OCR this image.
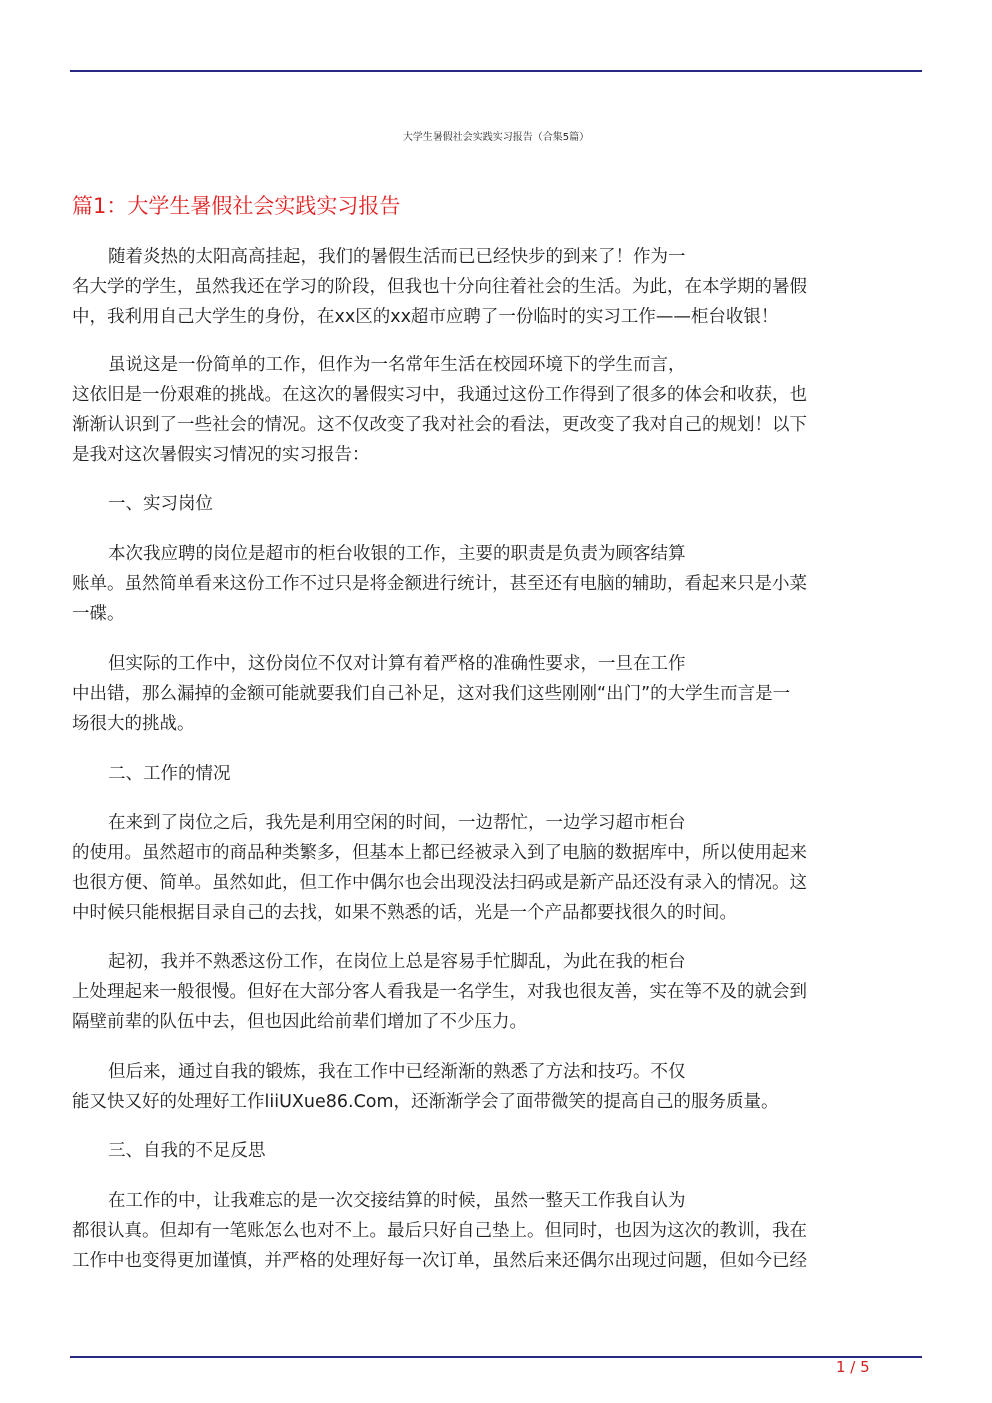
大学生暑假社会实践实习报告（合集5篇）
篇1：大学生暑假社会实践实习报告
随着炎热的太阳高高挂起，我们的暑假生活而已已经快步的到来了！作为一
名大学的学生，虽然我还在学习的阶段，但我也十分向往着社会的生活。为此，在本学期的暑假
中，我利用自己大学生的身份，在xx区的xx超市应聘了一份临时的实习工作——柜台收银！
虽说这是一份简单的工作，但作为一名常年生活在校园环境下的学生而言，
这依旧是一份艰难的挑战。在这次的暑假实习中，我通过这份工作得到了很多的体会和收获，也
渐渐认识到了一些社会的情况。这不仅改变了我对社会的看法，更改变了我对自己的规划！以下
是我对这次暑假实习情况的实习报告：
一、实习岗位
本次我应聘的岗位是超市的柜台收银的工作，主要的职责是负责为顾客结算
账单。虽然简单看来这份工作不过只是将金额进行统计，甚至还有电脑的辅助，看起来只是小菜
一碟。
但实际的工作中，这份岗位不仅对计算有着严格的准确性要求，一旦在工作
中出错，那么漏掉的金额可能就要我们自己补足，这对我们这些刚刚“出门”的大学生而言是一
场很大的挑战。
二、工作的情况
在来到了岗位之后，我先是利用空闲的时间，一边帮忙，一边学习超市柜台
的使用。虽然超市的商品种类繁多，但基本上都已经被录入到了电脑的数据库中，所以使用起来
也很方便、简单。虽然如此，但工作中偶尔也会出现没法扫码或是新产品还没有录入的情况。这
中时候只能根据目录自己的去找，如果不熟悉的话，光是一个产品都要找很久的时间。
起初，我并不熟悉这份工作，在岗位上总是容易手忙脚乱，为此在我的柜台
上处理起来一般很慢。但好在大部分客人看我是一名学生，对我也很友善，实在等不及的就会到
隔壁前辈的队伍中去，但也因此给前辈们增加了不少压力。
但后来，通过自我的锻炼，我在工作中已经渐渐的熟悉了方法和技巧。不仅
能又快又好的处理好工作liiUXue86.Com，还渐渐学会了面带微笑的提高自己的服务质量。
三、自我的不足反思
在工作的中，让我难忘的是一次交接结算的时候，虽然一整天工作我自认为
都很认真。但却有一笔账怎么也对不上。最后只好自己垫上。但同时，也因为这次的教训，我在
工作中也变得更加谨慎，并严格的处理好每一次订单，虽然后来还偶尔出现过问题，但如今已经
1 / 5
